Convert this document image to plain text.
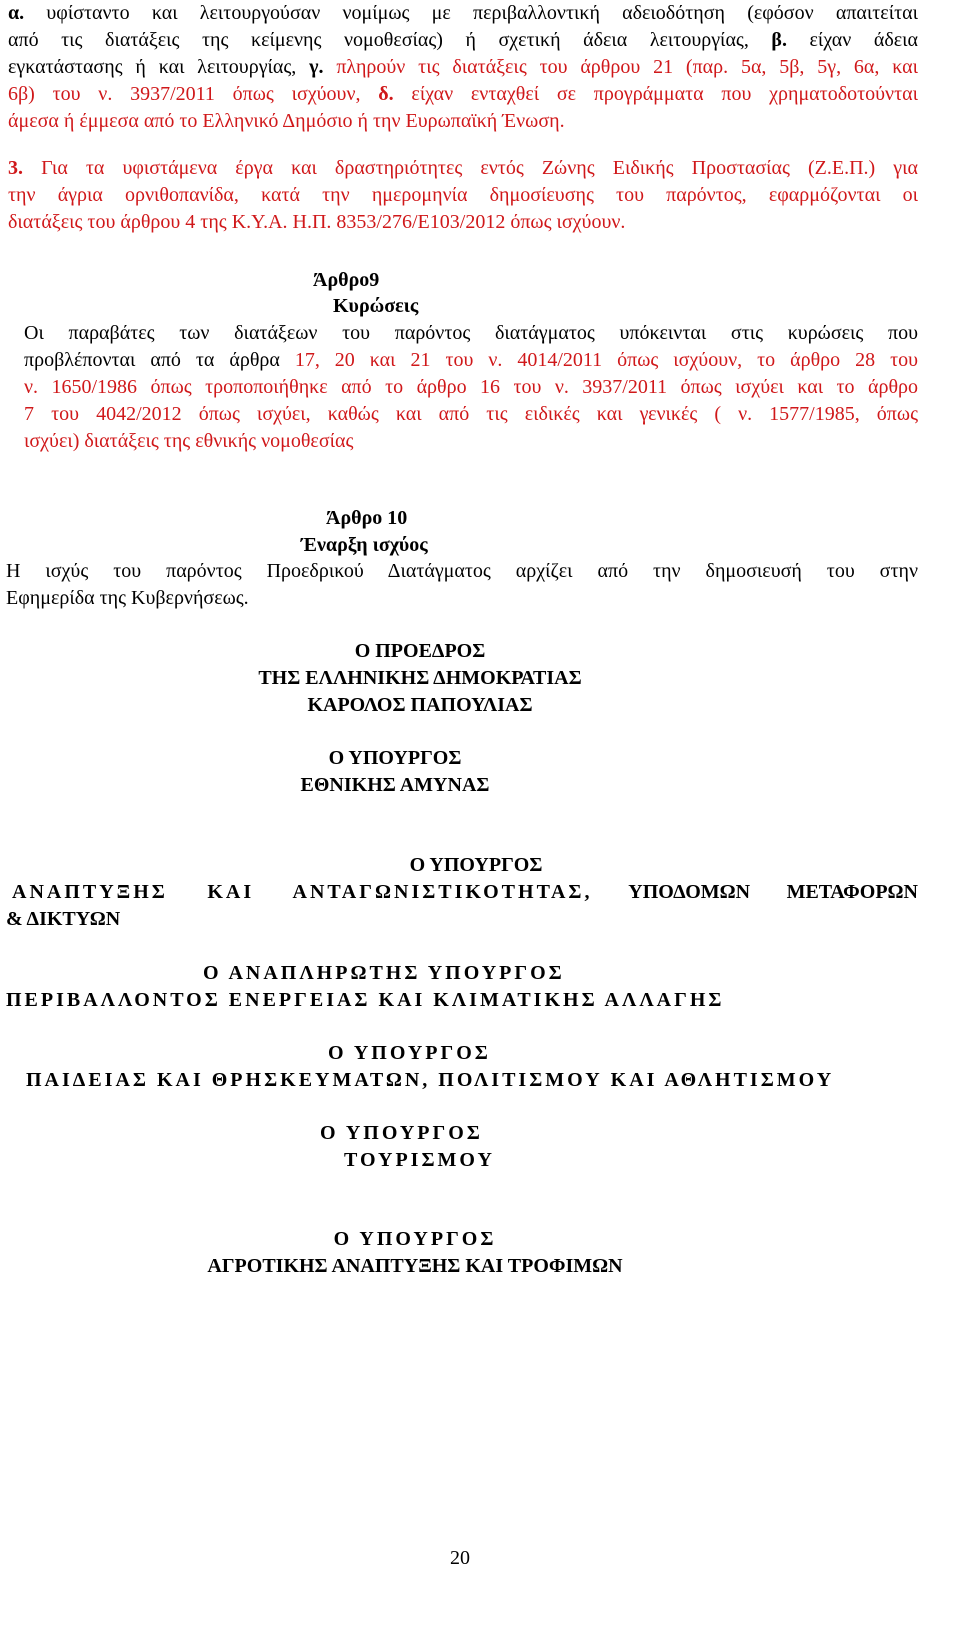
α. υφίσταντο και λειτουργούσαν νομίμως με περιβαλλοντική αδειοδότηση (εφόσον απαιτείται
από τις διατάξεις της κείμενης νομοθεσίας) ή σχετική άδεια λειτουργίας, β. είχαν άδεια
εγκατάστασης ή και λειτουργίας, γ. πληρούν τις διατάξεις του άρθρου 21 (παρ. 5α, 5β, 5γ, 6α, και
6β) του ν. 3937/2011 όπως ισχύουν, δ. είχαν ενταχθεί σε προγράμματα που χρηματοδοτούνται
άμεσα ή έμμεσα από το Ελληνικό Δημόσιο ή την Ευρωπαϊκή Ένωση.
3. Για τα υφιστάμενα έργα και δραστηριότητες εντός Ζώνης Ειδικής Προστασίας (Ζ.Ε.Π.) για
την άγρια ορνιθοπανίδα, κατά την ημερομηνία δημοσίευσης του παρόντος, εφαρμόζονται οι
διατάξεις του άρθρου 4 της Κ.Υ.Α. Η.Π. 8353/276/Ε103/2012 όπως ισχύουν.
Άρθρο9
Κυρώσεις
Οι παραβάτες των διατάξεων του παρόντος διατάγματος υπόκεινται στις κυρώσεις που
προβλέπονται από τα άρθρα 17, 20 και 21 του ν. 4014/2011 όπως ισχύουν, το άρθρο 28 του
ν. 1650/1986 όπως τροποποιήθηκε από το άρθρο 16 του ν. 3937/2011 όπως ισχύει και το άρθρο
7 του 4042/2012 όπως ισχύει, καθώς και από τις ειδικές και γενικές ( ν. 1577/1985, όπως
ισχύει) διατάξεις της εθνικής νομοθεσίας
Άρθρο 10
Έναρξη ισχύος
Η ισχύς του παρόντος Προεδρικού Διατάγματος αρχίζει από την δημοσιευσή του στην
Εφημερίδα της Κυβερνήσεως.
Ο ΠΡΟΕΔΡΟΣ
ΤΗΣ ΕΛΛΗΝΙΚΗΣ ΔΗΜΟΚΡΑΤΙΑΣ
ΚΑΡΟΛΟΣ ΠΑΠΟΥΛΙΑΣ
Ο ΥΠΟΥΡΓΟΣ
ΕΘΝΙΚΗΣ ΑΜΥΝΑΣ
Ο ΥΠΟΥΡΓΟΣ
ΑΝΑΠΤΥΞΗΣ ΚΑΙ ΑΝΤΑΓΩΝΙΣΤΙΚΟΤΗΤΑΣ, ΥΠΟΔΟΜΩΝ ΜΕΤΑΦΟΡΩΝ
& ΔΙΚΤΥΩΝ
Ο ΑΝΑΠΛΗΡΩΤΗΣ ΥΠΟΥΡΓΟΣ
ΠΕΡΙΒΑΛΛΟΝΤΟΣ ΕΝΕΡΓΕΙΑΣ ΚΑΙ ΚΛΙΜΑΤΙΚΗΣ ΑΛΛΑΓΗΣ
Ο ΥΠΟΥΡΓΟΣ
ΠΑΙΔΕΙΑΣ ΚΑΙ ΘΡΗΣΚΕΥΜΑΤΩΝ, ΠΟΛΙΤΙΣΜΟΥ ΚΑΙ ΑΘΛΗΤΙΣΜΟΥ
Ο ΥΠΟΥΡΓΟΣ
ΤΟΥΡΙΣΜΟΥ
Ο ΥΠΟΥΡΓΟΣ
ΑΓΡΟΤΙΚΗΣ ΑΝΑΠΤΥΞΗΣ ΚΑΙ ΤΡΟΦΙΜΩΝ
20
